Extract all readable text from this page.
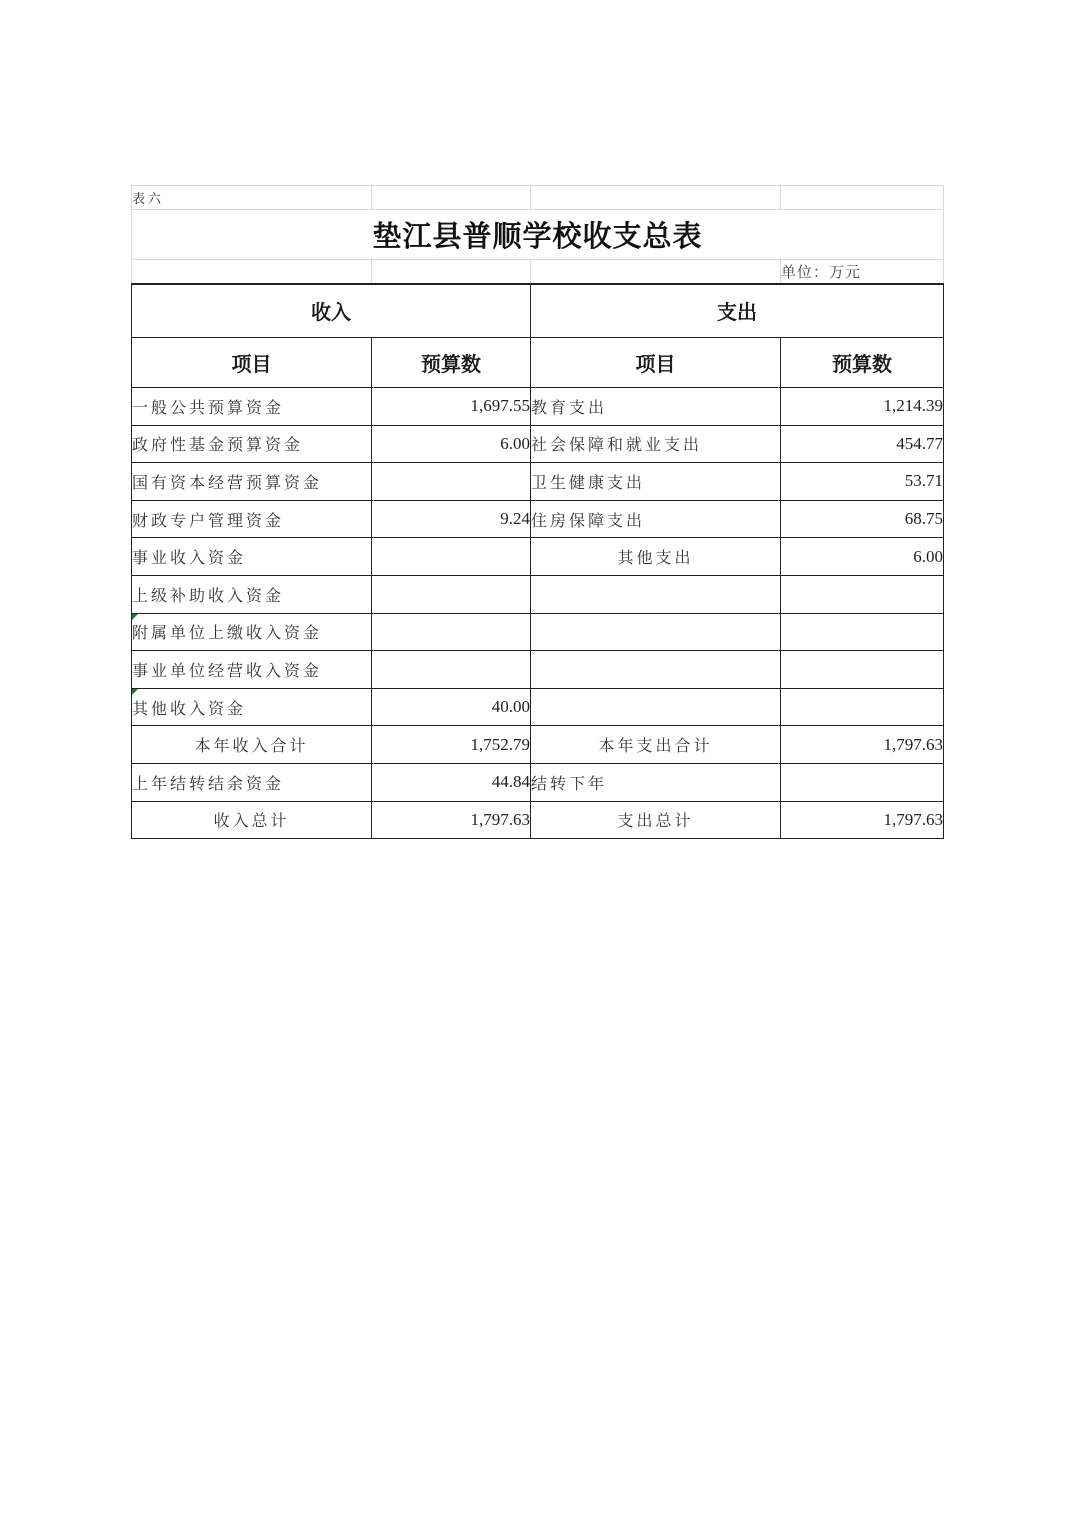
表六			
垫江县普顺学校收支总表			
			单位：万元
收入		支出	
项目	预算数	项目	预算数
一般公共预算资金	1,697.55	教育支出	1,214.39
政府性基金预算资金	6.00	社会保障和就业支出	454.77
国有资本经营预算资金		卫生健康支出	53.71
财政专户管理资金	9.24	住房保障支出	68.75
事业收入资金		其他支出	6.00
上级补助收入资金			
附属单位上缴收入资金			
事业单位经营收入资金			
其他收入资金	40.00		
本年收入合计	1,752.79	本年支出合计	1,797.63
上年结转结余资金	44.84	结转下年	
收入总计	1,797.63	支出总计	1,797.63
